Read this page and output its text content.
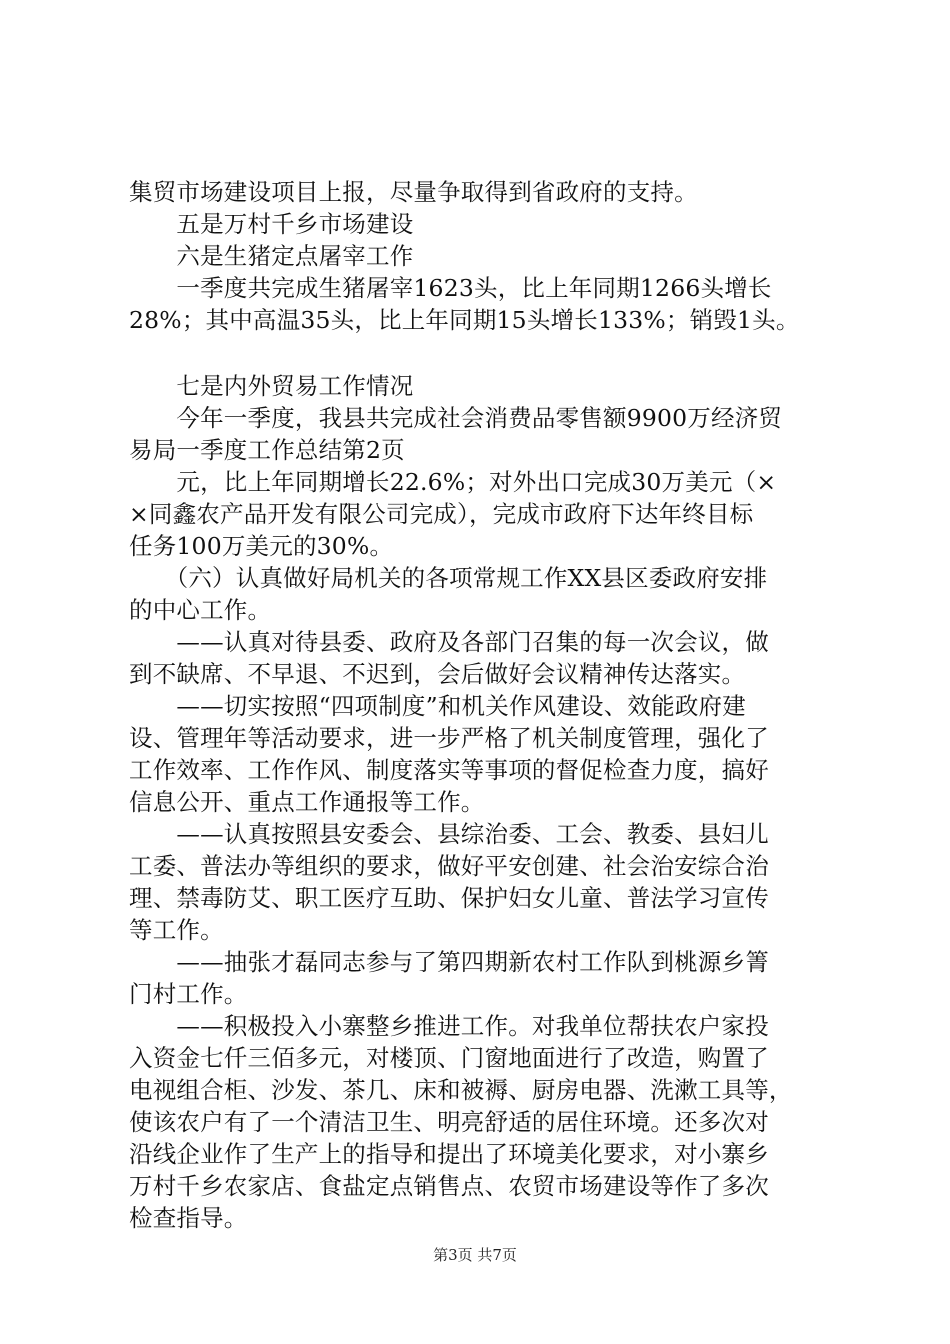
集贸市场建设项目上报，尽量争取得到省政府的支持。
　　五是万村千乡市场建设
　　六是生猪定点屠宰工作
　　一季度共完成生猪屠宰1623头，比上年同期1266头增长
28%；其中高温35头，比上年同期15头增长133%；销毁1头。
　　七是内外贸易工作情况
　　今年一季度，我县共完成社会消费品零售额9900万经济贸
易局一季度工作总结第2页
　　元，比上年同期增长22.6%；对外出口完成30万美元（×
×同鑫农产品开发有限公司完成），完成市政府下达年终目标
任务100万美元的30%。
　　（六）认真做好局机关的各项常规工作XX县区委政府安排
的中心工作。
　　——认真对待县委、政府及各部门召集的每一次会议，做
到不缺席、不早退、不迟到，会后做好会议精神传达落实。
　　——切实按照“四项制度”和机关作风建设、效能政府建
设、管理年等活动要求，进一步严格了机关制度管理，强化了
工作效率、工作作风、制度落实等事项的督促检查力度，搞好
信息公开、重点工作通报等工作。
　　——认真按照县安委会、县综治委、工会、教委、县妇儿
工委、普法办等组织的要求，做好平安创建、社会治安综合治
理、禁毒防艾、职工医疗互助、保护妇女儿童、普法学习宣传
等工作。
　　——抽张才磊同志参与了第四期新农村工作队到桃源乡箐
门村工作。
　　——积极投入小寨整乡推进工作。对我单位帮扶农户家投
入资金七仟三佰多元，对楼顶、门窗地面进行了改造，购置了
电视组合柜、沙发、茶几、床和被褥、厨房电器、洗漱工具等，
使该农户有了一个清洁卫生、明亮舒适的居住环境。还多次对
沿线企业作了生产上的指导和提出了环境美化要求，对小寨乡
万村千乡农家店、食盐定点销售点、农贸市场建设等作了多次
检查指导。
第3页 共7页
